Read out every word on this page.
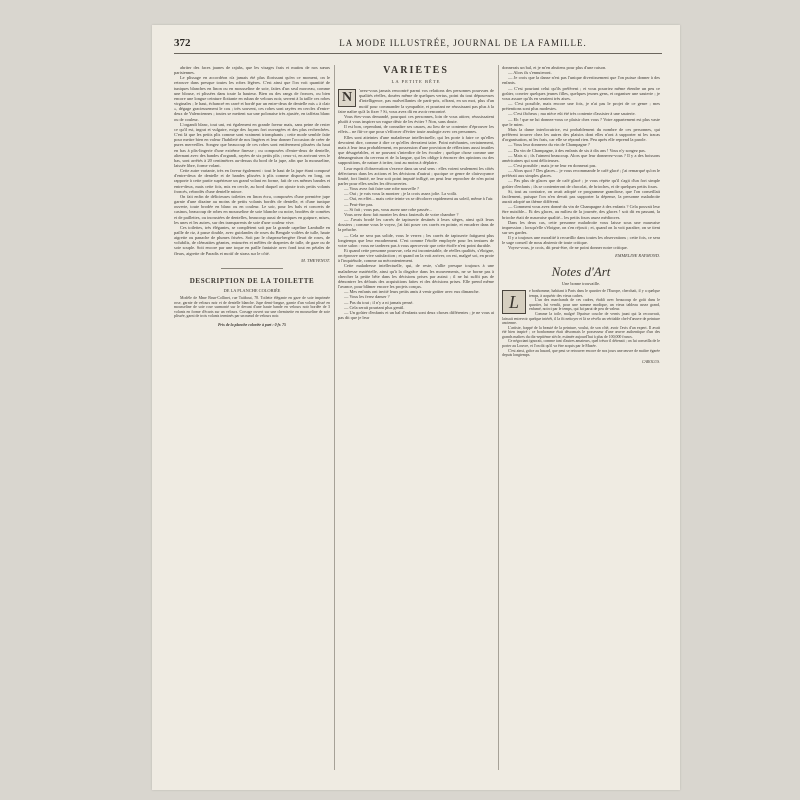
372	LA MODE ILLUSTRÉE, JOURNAL DE LA FAMILLE.

abriter des faces jaunes de rajahs, que les visages frais et mutins de nos sœurs parisiennes.

Le plissage en accordéon n'a jamais été plus florissant qu'en ce moment, on le retrouve dans presque toutes les robes légères. C'est ainsi que l'on voit quantité de tuniques blanches en linon ou en mousseline de soie, faites d'un seul morceau, comme une blouse, et plissées dans toute la hauteur. Bien ou des rangs de fronces, ou bien encore une longue ceinture flottante en ruban de velours noir, serrent à la taille ces robes virginales ; le haut, échancré en carré et bordé par un entre-deux de dentelle mis « à clair », dégage gracieusement le cou ; très souvent, ces robes sont rayées en cercles d'entre-deux de Valenciennes ; toutes se mettent sur une polonaise très ajustée, en taffetas blanc ou de couleur.

L'organdi blanc, tout uni, est également en grande faveur mais, sans peine de rester ce qu'il est, ingrat et vulgaire, exige des façons fort ouvragées et des plus recherchées. C'est là que les petits plis comme sont vraiment triomphants ; cette mode semble faite pour mettre bien en valeur l'habileté de nos lingères et leur donner l'occasion de créer de pures merveilles. Songez que beaucoup de ces robes sont entièrement plissées du haut en bas à plis-lingerie d'une extrême finesse ; ou composées d'entre-deux de dentelle, alternant avec des bandes d'organdi, rayées de six petits plis ; ceux-ci, en arrivant vers le bas, sont arrêtés à 20 centimètres au-dessus du bord de la jupe, afin que la mousseline, laissée libre, forme volant.

Cette autre variante, très en faveur également : tout le haut de la jupe étant composé d'entre-deux de dentelle et de bandes plissées à plis comme disposés en long, on rapporte à cette partie supérieure un grand volant en forme, fait de ces mêmes bandes et entre-deux, mais cette fois, mis en cercle, au bord duquel on ajoute trois petits volants froncés, rebrodés d'une dentelle mince.

On fait enfin de délicieuses toilettes en linon écru, composées d'une première jupe garnie d'une dizaine au moins de petits volants bordés de dentelle, et d'une tunique ouverte, toute brodée en blanc ou en couleur. Le soir, pour les bals et concerts de casinos, beaucoup de robes en mousseline de soie blanche ou noire, brodées de comètes et de paillettes, ou incrustées de dentelles, beaucoup aussi de tuniques en guipure, mises, les unes et les autres, sur des transparents de soie d'une couleur vive.

Ces toilettes, très élégantes, se complètent soit par la grande capeline Lamballe en paille de riz, à passe double, avec guirlandes de roses du Bengale voilées de tulle, haute aigrette ou panache de plumes frisées. Soit par le chapeau-bergère fleuri de roses, de volubilis, de clématites géantes, entourées et mêlées de draperies de tulle, de gaze ou de soie souple. Soit encore par une toque en paille fantaisie avec fond tout en pétales de fleurs, aigrette de Paradis et motif de strass sur le côté.

M. THEVENOT.
DESCRIPTION DE LA TOILETTE
DE LA PLANCHE COLORIÉE

Modèle de Mme Brun-Collinet, rue Taitbout, 78. Toilette élégante en gaze de soie imprimée rose, garnie de velours noir et de dentelle blanche. Jupe demi-longue, garnie d'un volant plissé en mousseline de soie rose surmonté sur le devant d'une haute bande en velours noir bordée de 3 volants en forme d'écarts sur un velours. Corsage ouvert sur une chemisette en mousseline de soie plissée, garni de trois volants terminés par un nœud de velours noir.

Prix de la planche coloriée à part : 0 fr. 75
VARIÉTÉS
LA PETITE BÊTE
N	'avez-vous jamais rencontré parmi vos relations des personnes pourvues de qualités réelles, douées même de quelques vertus, point du tout dépourvues d'intelligence, pas malveillantes de parti-pris, offrant, en un mot, plus d'un motif pour commander la sympathie, et pourtant ne réussissant pas plus à la faire naître qu'à la fixer ? Si, vous avez dû en avoir rencontré.

Vous êtes-vous demandé, pourquoi ces personnes, loin de vous attirer, réussissaient plutôt à vous inspirer un vague désir de les éviter ? Non, sans doute.

Il est bon, cependant, de connaître ses causes, au lieu de se contenter d'éprouver les effets... ne fût-ce que pour s'efforcer d'éviter toute analogie avec ces personnes.

Elles sont atteintes d'une maladresse intellectuelle, qui les porte à faire ce qu'elles devraient dire, comme à dire ce qu'elles devraient taire. Point méchantes, certainement, mais à leur insu probablement, en possession d'une provision de réflexions aussi inutiles que désagréables, et ne pouvant s'interdire de les écouler ; quelque chose comme une démangeaison du cerveau et de la langue, qui les oblige à énoncer des opinions ou des suppositions, de nature à irriter, tout au moins à déplaire.

Leur esprit d'observation s'exerce dans un seul sens : elles voient seulement les côtés défectueux dans les actions et les décisions d'autrui ; quoique ce genre de clairvoyance limité, fort limité, ne leur soit point imputé infligé, on peut leur reprocher de n'en point parler pour elles seules les découvertes.

— Vous avez fait faire une robe nouvelle ?

— Oui ; je vais vous la montrer ; je la crois assez jolie. La voilà.

— Oui, en effet... mais cette teinte va se décolorer rapidement au soleil, même à l'air.

— Peut-être pas.

— Si fait ; vous pas, vous aurez une robe passée...

Vous avez donc fait monter les deux fauteuils de votre chambre ?

— J'avais brodé les carrés de tapisserie destinés à leurs sièges, ainsi qu'à leurs dossiers ; comme vous le voyez, j'ai fait poser ces carrés en pointe, et encadrer dans de la peluche.

— Cela ne sera pas solide, vous le verrez ; les carrés de tapisserie fatiguent plus longtemps que leur encadrement. C'est comme l'étoffe employée pour les tentures de votre salon : vous ne tarderez pas à vous apercevoir que cette étoffe n'est point durable.

Et quand cette personne pourvue, cela est incontestable, de réelles qualités, s'éloigne, on éprouve une vive satisfaction ; et quand on la voit arriver, on est, malgré soi, en proie à l'inquiétude, comme au mécontentement.

Cette maladresse intellectuelle, qui, de reste, s'allie presque toujours à une maladresse matérielle, ainsi qu'à la disgrâce dans les mouvements, ne se borne pas à chercher la petite bête dans les décisions prises par autrui ; il ne lui suffit pas de démontrer les défauts des acquisitions faites et des décisions prises. Elle prend même l'avance, pour blâmer encore les projets conçus.

— Mes enfants ont invité leurs petits amis à venir goûter avec eux dimanche.

— Vous les ferez danser ?

— Pas du tout ; il n'y a ni jamais pensé.

— Cela serait pourtant plus gentil.

— Un goûter d'enfants et un bal d'enfants sont deux choses différentes ; je ne vous ai pas dit que je leur

donnerais un bal, et je m'en abstiens pour plus d'une raison.

— Alors ils s'ennuieront.

— Je crois que la danse n'est pas l'unique divertissement que l'on puisse donner à des enfants.

— C'est pourtant celui qu'ils préfèrent ; et vous pourriez même étendre un peu ce goûter, convier quelques jeunes filles, quelques jeunes gens, et organiser une sauterie ; je vous assure qu'ils en seraient très aises.

— C'est possible, mais encore une fois, je n'ai pas le projet de ce genre ; mes prétentions sont plus modestes.

— C'est fâcheux ; ma nièce eût été très contente d'assister à une sauterie.

— Eh ! que ne lui donnez-vous ce plaisir chez vous ? Votre appartement est plus vaste que le mien.

Mais la dame interlocutrice, est probablement du nombre de ces personnes, qui préfèrent trouver chez les autres des plaisirs dont elles n'ont à supporter ni les tracas d'organisation, ni les frais, car elle se répond rien. Peu après elle reprend la parole.

— Vous leur donnerez du vin de Champagne ?

— Du vin de Champagne, à des enfants de six à dix ans ! Vous n'y songez pas.

— Mais si ; ils l'aiment beaucoup. Alors que leur donnerez-vous ? Il y a des boissons américaines qui sont délicieuses.

— C'est possible ; mais je ne leur en donnerai pas.

— Alors quoi ? Des glaces... je vous recommande le café glacé ; j'ai remarqué qu'on le préférait aux simples glaces.

— Pas plus de glaces que de café glacé ; je vous répète qu'il s'agit d'un fort simple goûter d'enfants ; ils se contenteront de chocolat, de brioches, et de quelques petits fours.

Si, tout au contraire, on avait adopté ce programme grandiose, que l'on conseillait facilement, puisque l'on n'en devait pas supporter la dépense, la personne maladroite aurait adopté un thème différent.

— Comment vous avez donné du vin de Champagne à des enfants ? Cela pouvait leur être nuisible... Et des glaces, au milieu de la journée, des glaces ! soit dit en passant, la brioche était de mauvaise qualité... les petits fours assez médiocres.

Dans les deux cas, cette personne maladroite vous laisse sous une mauvaise impression ; lorsqu'elle s'éloigne, on s'en réjouit ; et, quand on la voit paraître, on se tient sur ses gardes.

Il y a toujours une moralité à recueillir dans toutes les observations ; cette fois, ce sera le sage conseil de nous abstenir de toute critique.

Voyez-vous, je crois, dit peut-être, de ne point donner notre critique.

EMMELINE RAYMOND.
Notes d'Art
Une bonne trouvaille.
L

e bonhomme, habitant à Paris dans le quartier de l'Europe, cherchait, il y a quelque temps, à acquérir des vieux cadres.

L'un des marchands de ces cadres, établi avec beaucoup de goût dans le quartier, lui vendit, pour une somme modique, un vieux tableau assez grand, enfumé, noirci par le temps, qui lui parut de peu de valeur.

Comme la toile, malgré l'épaisse couche de vernis jauni qui la recouvrait, laissait entrevoir quelque intérêt, il la fit nettoyer et là se révéla un véritable chef-d'œuvre de peinture ancienne.

L'artiste, frappé de la beauté de la peinture, voulut, de son côté, avoir l'avis d'un expert. Il avait été bien inspiré ; ce bonhomme était désormais le possesseur d'une œuvre authentique d'un des grands maîtres du dix-septième siècle, estimée aujourd'hui à plus de 100,000 francs.

Ce négociant ignorait, comme tant d'autres amateurs, quel trésor il détenait ; on lui conseilla de le porter au Louvre, et l'on dit qu'il va être acquis par le Musée.

C'est ainsi, grâce au hasard, que peut se retrouver encore de nos jours une œuvre de maître égarée depuis longtemps.

CAROLUS.
